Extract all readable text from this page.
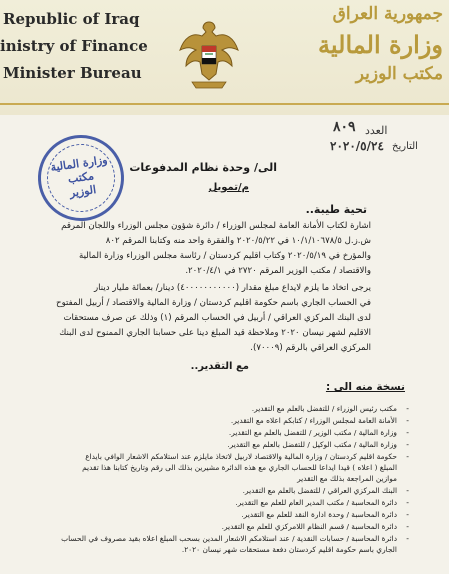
Republic of Iraq
inistry of Finance
Minister Bureau
جمهورية العراق
وزارة المالية
مكتب الوزير
العدد
٨٠٩
التاريخ
٢٠٢٠/٥/٢٤
وزارة المالية
مكتب
الوزير
الى/ وحدة نظام المدفوعات
م/تمويل
تحية طيبة..
اشارة لكتاب الأمانة العامة لمجلس الوزراء / دائرة شؤون مجلس الوزراء واللجان المرقم
ش.ز.ل ١٠/١/١٠٦٧٨/٥ في ٢٠٢٠/٥/٢٢ والفقرة واحد منه وكتابنا المرقم ٨٠٢
والمؤرخ في ٢٠٢٠/٥/١٩ وكتاب اقليم كردستان / رئاسة مجلس الوزراء وزارة المالية
والاقتصاد / مكتب الوزير المرقم ٢٧٢٠ في ٢٠٢٠/٤/١.
يرجى اتخاذ ما يلزم لايداع مبلغ مقدار (٤٠٠٠٠٠٠٠٠٠٠٠) دينار/ بعمائة مليار دينار
في الحساب الجاري باسم حكومة اقليم كردستان / وزارة المالية والاقتصاد / أربيل المفتوح
لدى البنك المركزي العراقي / أربيل في الحساب المرقم (١) وذلك عن صرف مستحقات
الاقليم لشهر نيسان ٢٠٢٠ وملاحظة قيد المبلغ دينا على حسابنا الجاري الممنوح لدى البنك
المركزي العراقي بالرقم (٧٠٠٠٩).
مع التقدير..
نسخة منه الى :
-
مكتب رئيس الوزراء / للتفضل بالعلم مع التقدير.
-
الأمانة العامة لمجلس الوزراء / كتابكم اعلاه مع التقدير.
-
وزارة المالية / مكتب الوزير / للتفضل بالعلم مع التقدير.
-
وزارة المالية / مكتب الوكيل / للتفضل بالعلم مع التقدير.
-
حكومة اقليم كردستان / وزارة المالية والاقتصاد لاربيل لاتخاذ مايلزم عند استلامكم الاشعار الوافي بايداع
المبلغ ( اعلاه ) قيدا ايداعا للحساب الجاري مع هذه الدائرة مشيرين بذلك الى رقم وتاريخ كتابنا هذا تقديم
موازين المراجعة بذلك مع التقدير
-
البنك المركزي العراقي / للتفضل بالعلم مع التقدير.
-
دائرة المحاسبة / مكتب المدير العام للعلم مع التقدير.
-
دائرة المحاسبة / وحدة ادارة النقد للعلم مع التقدير.
-
دائرة المحاسبة / قسم النظام اللامركزي للعلم مع التقدير.
-
دائرة المحاسبة / حسابات النقدية / عند استلامكم الاشعار المدين بسحب المبلغ اعلاه بقيد مصروف في الحساب
الجاري باسم حكومة اقليم كردستان دفعة مستحقات شهر نيسان ٢٠٢٠.
